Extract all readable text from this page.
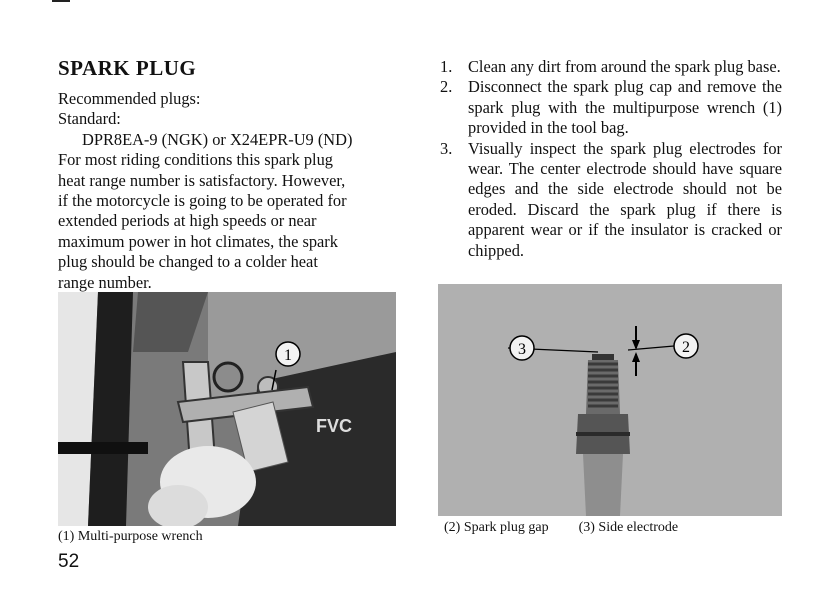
SPARK PLUG
Recommended plugs:
Standard:
DPR8EA-9 (NGK) or X24EPR-U9 (ND)
For most riding conditions this spark plug
heat range number is satisfactory. However,
if the motorcycle is going to be operated for
extended periods at high speeds or near
maximum power in hot climates, the spark
plug should be changed to a colder heat
range number.
1. Clean any dirt from around the spark plug base.
2. Disconnect the spark plug cap and remove the spark plug with the multipurpose wrench (1) provided in the tool bag.
3. Visually inspect the spark plug electrodes for wear. The center electrode should have square edges and the side electrode should not be eroded. Discard the spark plug if there is apparent wear or if the insulator is cracked or chipped.
FVC
1	3	2
(1) Multi-purpose wrench
52
(2) Spark plug gap (3) Side electrode
